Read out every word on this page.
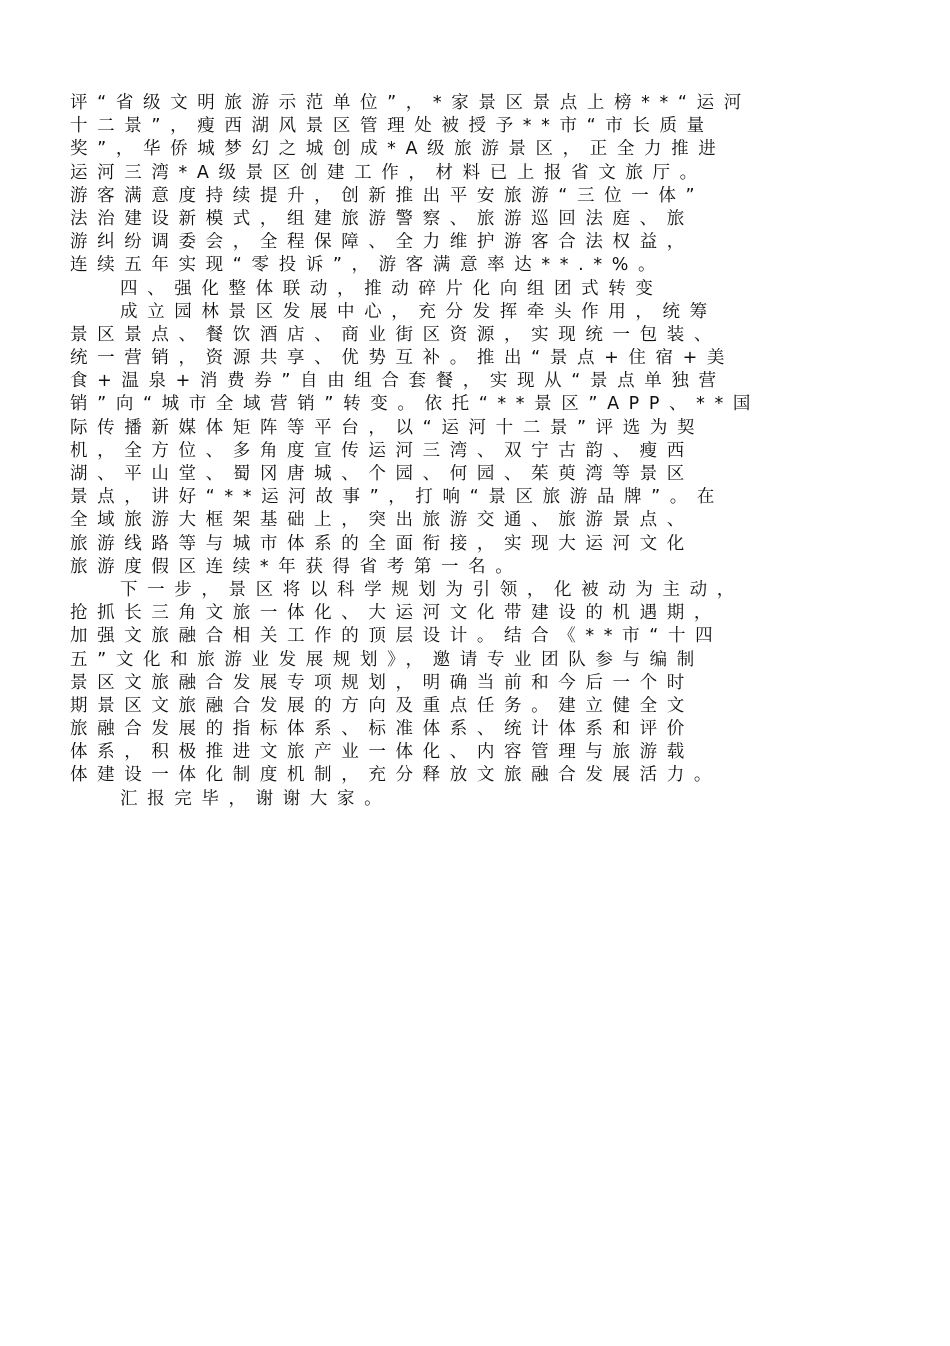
评“省级文明旅游示范单位”，*家景区景点上榜**“运河
十二景”，瘦西湖风景区管理处被授予**市“市长质量
奖”，华侨城梦幻之城创成*A级旅游景区，正全力推进
运河三湾*A级景区创建工作，材料已上报省文旅厅。
游客满意度持续提升，创新推出平安旅游“三位一体”
法治建设新模式，组建旅游警察、旅游巡回法庭、旅
游纠纷调委会，全程保障、全力维护游客合法权益，
连续五年实现“零投诉”，游客满意率达**.*%。
四、强化整体联动，推动碎片化向组团式转变
成立园林景区发展中心，充分发挥牵头作用，统筹
景区景点、餐饮酒店、商业街区资源，实现统一包装、
统一营销，资源共享、优势互补。推出“景点+住宿+美
食+温泉+消费券”自由组合套餐，实现从“景点单独营
销”向“城市全域营销”转变。依托“**景区”APP、**国
际传播新媒体矩阵等平台，以“运河十二景”评选为契
机，全方位、多角度宣传运河三湾、双宁古韵、瘦西
湖、平山堂、蜀冈唐城、个园、何园、茱萸湾等景区
景点，讲好“**运河故事”，打响“景区旅游品牌”。在
全域旅游大框架基础上，突出旅游交通、旅游景点、
旅游线路等与城市体系的全面衔接，实现大运河文化
旅游度假区连续*年获得省考第一名。
下一步，景区将以科学规划为引领，化被动为主动，
抢抓长三角文旅一体化、大运河文化带建设的机遇期，
加强文旅融合相关工作的顶层设计。结合《**市“十四
五”文化和旅游业发展规划》，邀请专业团队参与编制
景区文旅融合发展专项规划，明确当前和今后一个时
期景区文旅融合发展的方向及重点任务。建立健全文
旅融合发展的指标体系、标准体系、统计体系和评价
体系，积极推进文旅产业一体化、内容管理与旅游载
体建设一体化制度机制，充分释放文旅融合发展活力。
汇报完毕，谢谢大家。
